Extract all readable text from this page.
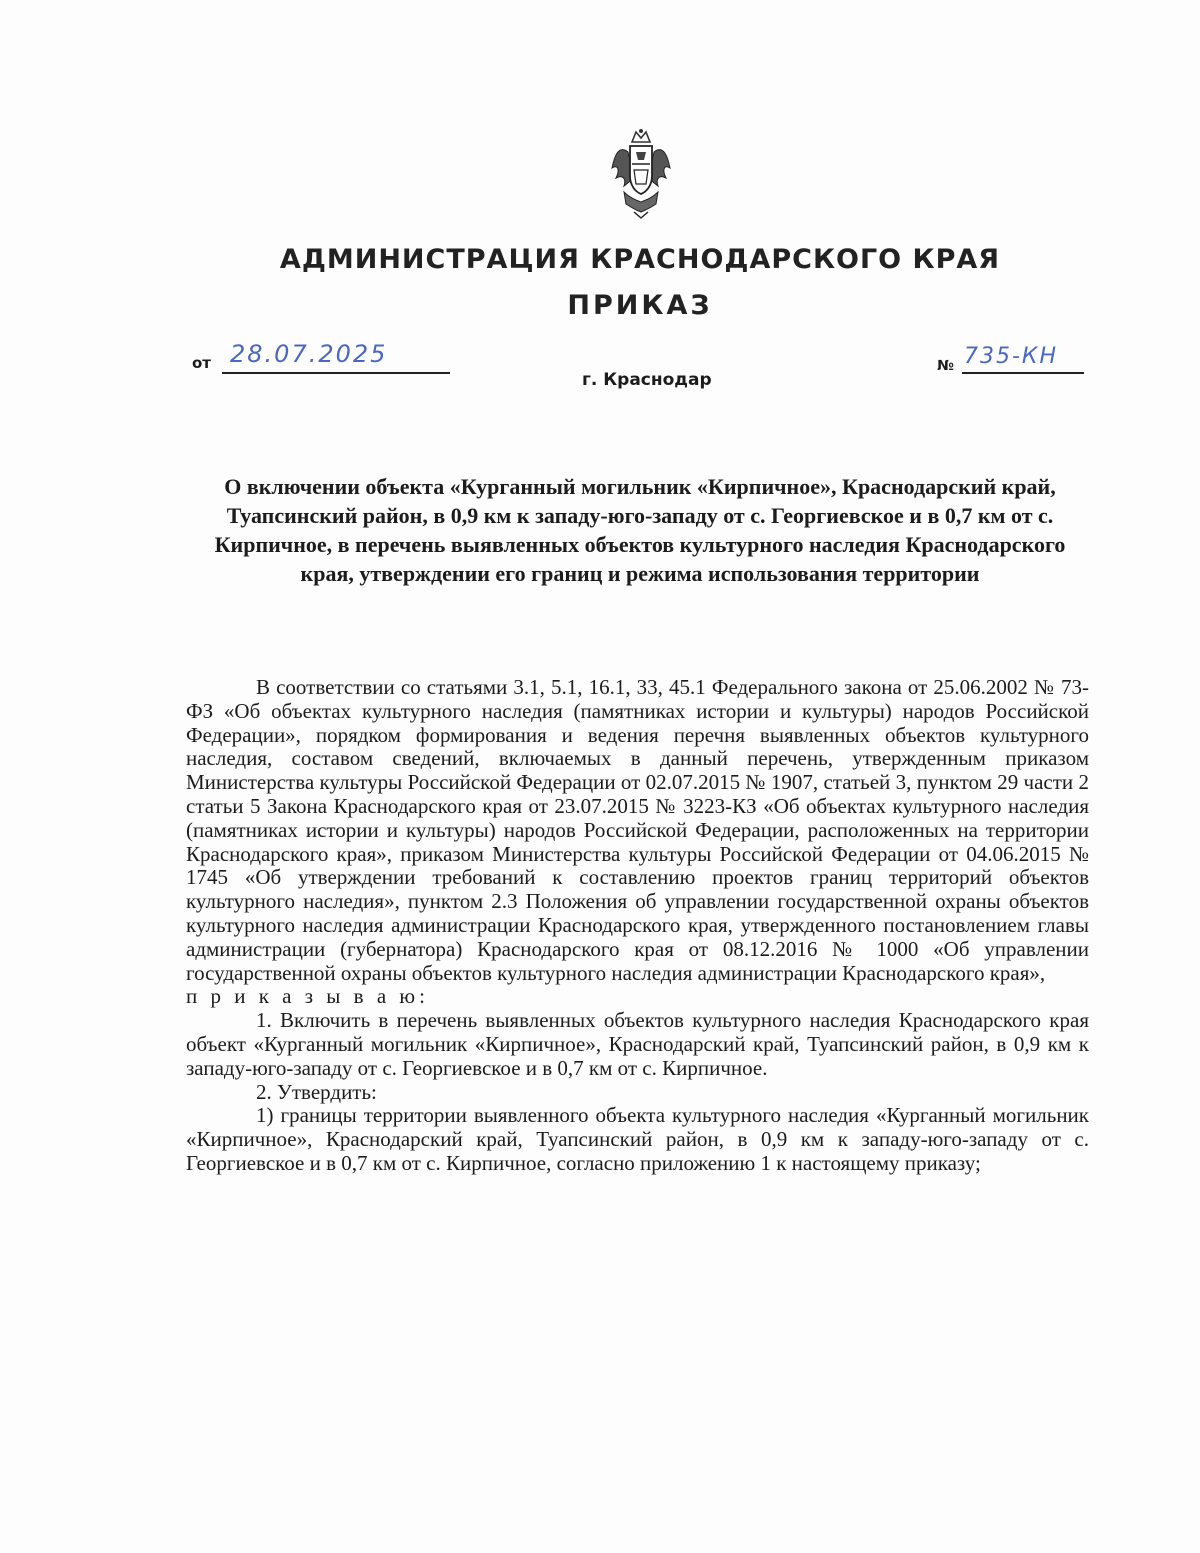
АДМИНИСТРАЦИЯ КРАСНОДАРСКОГО КРАЯ
ПРИКАЗ
от 28.07.2025
г. Краснодар
№ 735-КН
О включении объекта «Курганный могильник «Кирпичное», Краснодарский край, Туапсинский район, в 0,9 км к западу-юго-западу от с. Георгиевское и в 0,7 км от с. Кирпичное, в перечень выявленных объектов культурного наследия Краснодарского края, утверждении его границ и режима использования территории

В соответствии со статьями 3.1, 5.1, 16.1, 33, 45.1 Федерального закона от 25.06.2002 № 73-ФЗ «Об объектах культурного наследия (памятниках истории и культуры) народов Российской Федерации», порядком формирования и ведения перечня выявленных объектов культурного наследия, составом сведений, включаемых в данный перечень, утвержденным приказом Министерства культуры Российской Федерации от 02.07.2015 № 1907, статьей 3, пунктом 29 части 2 статьи 5 Закона Краснодарского края от 23.07.2015 № 3223-КЗ «Об объектах культурного наследия (памятниках истории и культуры) народов Российской Федерации, расположенных на территории Краснодарского края», приказом Министерства культуры Российской Федерации от 04.06.2015 № 1745 «Об утверждении требований к составлению проектов границ территорий объектов культурного наследия», пунктом 2.3 Положения об управлении государственной охраны объектов культурного наследия администрации Краснодарского края, утвержденного постановлением главы администрации (губернатора) Краснодарского края от 08.12.2016 № 1000 «Об управлении государственной охраны объектов культурного наследия администрации Краснодарского края»,

п р и к а з ы в а ю:

1. Включить в перечень выявленных объектов культурного наследия Краснодарского края объект «Курганный могильник «Кирпичное», Краснодарский край, Туапсинский район, в 0,9 км к западу-юго-западу от с. Георгиевское и в 0,7 км от с. Кирпичное.

2. Утвердить:

1) границы территории выявленного объекта культурного наследия «Курганный могильник «Кирпичное», Краснодарский край, Туапсинский район, в 0,9 км к западу-юго-западу от с. Георгиевское и в 0,7 км от с. Кирпичное, согласно приложению 1 к настоящему приказу;
